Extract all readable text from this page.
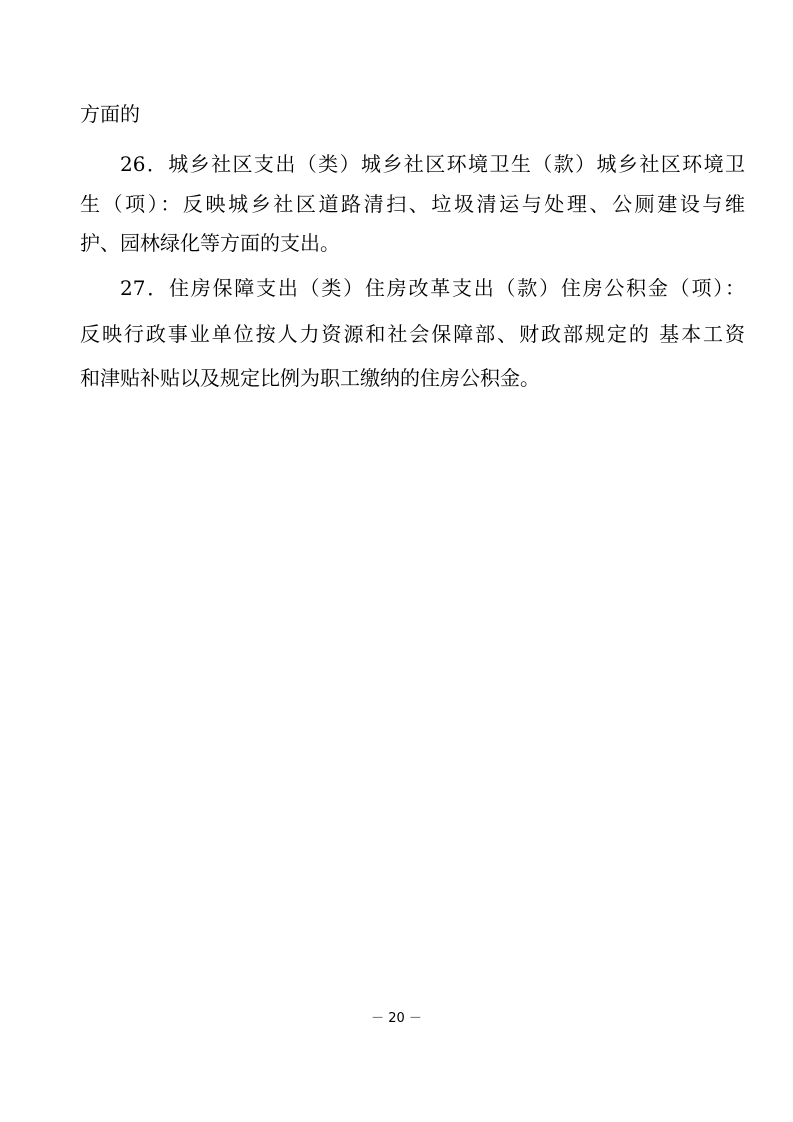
方面的
26．城乡社区支出（类）城乡社区环境卫生（款）城乡社区环境卫
生（项）：反映城乡社区道路清扫、垃圾清运与处理、公厕建设与维
护、园林绿化等方面的支出。
27．住房保障支出（类）住房改革支出（款）住房公积金（项）：
反映行政事业单位按人力资源和社会保障部、财政部规定的 基本工资
和津贴补贴以及规定比例为职工缴纳的住房公积金。
－ 20 －
